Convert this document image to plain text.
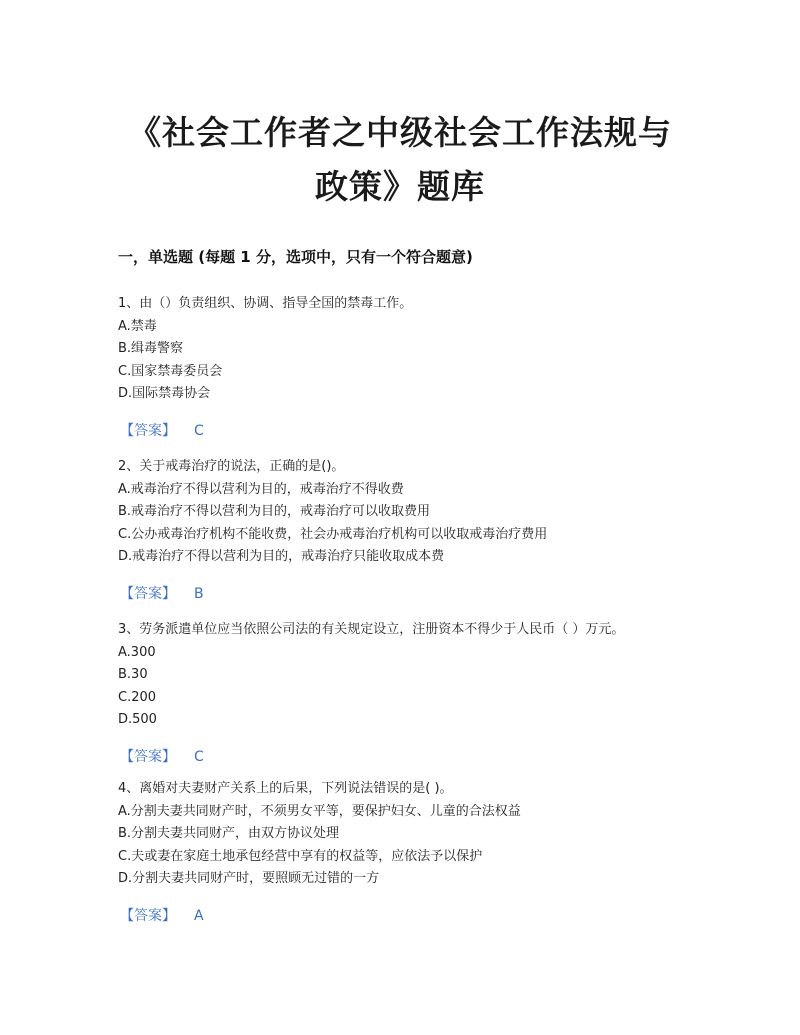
《社会工作者之中级社会工作法规与
政策》题库
一，单选题 (每题 1 分，选项中，只有一个符合题意)
1、由（）负责组织、协调、指导全国的禁毒工作。
A.禁毒
B.缉毒警察
C.国家禁毒委员会
D.国际禁毒协会
【答案】 C
2、关于戒毒治疗的说法，正确的是()。
A.戒毒治疗不得以营利为目的，戒毒治疗不得收费
B.戒毒治疗不得以营利为目的，戒毒治疗可以收取费用
C.公办戒毒治疗机构不能收费，社会办戒毒治疗机构可以收取戒毒治疗费用
D.戒毒治疗不得以营利为目的，戒毒治疗只能收取成本费
【答案】 B
3、劳务派遣单位应当依照公司法的有关规定设立，注册资本不得少于人民币（ ）万元。
A.300
B.30
C.200
D.500
【答案】 C
4、离婚对夫妻财产关系上的后果，下列说法错误的是( )。
A.分割夫妻共同财产时，不须男女平等，要保护妇女、儿童的合法权益
B.分割夫妻共同财产，由双方协议处理
C.夫或妻在家庭土地承包经营中享有的权益等，应依法予以保护
D.分割夫妻共同财产时，要照顾无过错的一方
【答案】 A
